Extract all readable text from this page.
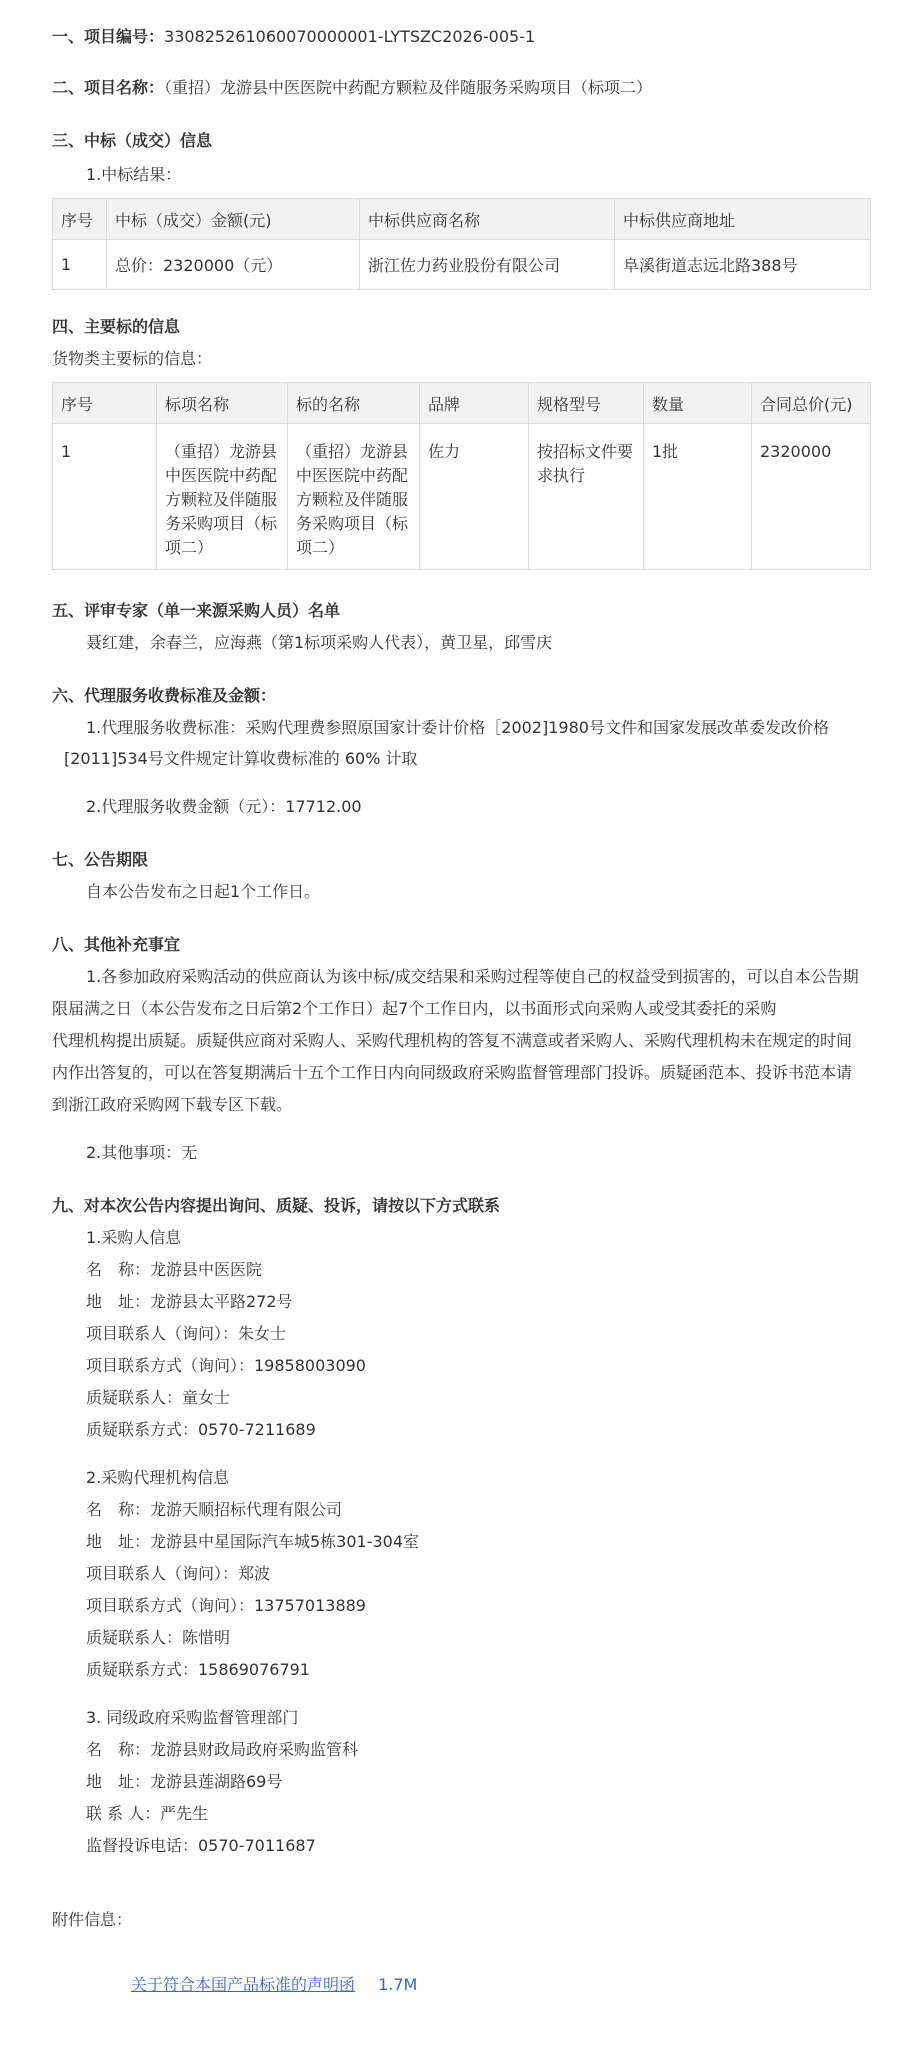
一、项目编号：330825261060070000001-LYTSZC2026-005-1
二、项目名称：（重招）龙游县中医医院中药配方颗粒及伴随服务采购项目（标项二）
三、中标（成交）信息
1.中标结果：
序号	中标（成交）金额(元)	中标供应商名称	中标供应商地址
1	总价：2320000（元）	浙江佐力药业股份有限公司	阜溪街道志远北路388号
四、主要标的信息
货物类主要标的信息：
序号	标项名称	标的名称	品牌	规格型号	数量	合同总价(元)
1	（重招）龙游县中医医院中药配方颗粒及伴随服务采购项目（标项二）	（重招）龙游县中医医院中药配方颗粒及伴随服务采购项目（标项二）	佐力	按招标文件要求执行	1批	2320000
五、评审专家（单一来源采购人员）名单
聂红建，余春兰，应海燕（第1标项采购人代表），黄卫星，邱雪庆
六、代理服务收费标准及金额：
1.代理服务收费标准：采购代理费参照原国家计委计价格［2002]1980号文件和国家发展改革委发改价格
[2011]534号文件规定计算收费标准的 60% 计取
2.代理服务收费金额（元）：17712.00
七、公告期限
自本公告发布之日起1个工作日。
八、其他补充事宜
1.各参加政府采购活动的供应商认为该中标/成交结果和采购过程等使自己的权益受到损害的，可以自本公告期
限届满之日（本公告发布之日后第2个工作日）起7个工作日内，以书面形式向采购人或受其委托的采购
代理机构提出质疑。质疑供应商对采购人、采购代理机构的答复不满意或者采购人、采购代理机构未在规定的时间
内作出答复的，可以在答复期满后十五个工作日内向同级政府采购监督管理部门投诉。质疑函范本、投诉书范本请
到浙江政府采购网下载专区下载。
2.其他事项：无
九、对本次公告内容提出询问、质疑、投诉，请按以下方式联系
1.采购人信息
名　称：龙游县中医医院
地　址：龙游县太平路272号
项目联系人（询问）：朱女士
项目联系方式（询问）：19858003090
质疑联系人：童女士
质疑联系方式：0570-7211689
2.采购代理机构信息
名　称：龙游天顺招标代理有限公司
地　址：龙游县中星国际汽车城5栋301-304室
项目联系人（询问）：郑波
项目联系方式（询问）：13757013889
质疑联系人：陈惜明
质疑联系方式：15869076791
3. 同级政府采购监督管理部门
名　称：龙游县财政局政府采购监管科
地　址：龙游县莲湖路69号
联 系 人：严先生
监督投诉电话：0570-7011687
附件信息：
关于符合本国产品标准的声明函 1.7M
